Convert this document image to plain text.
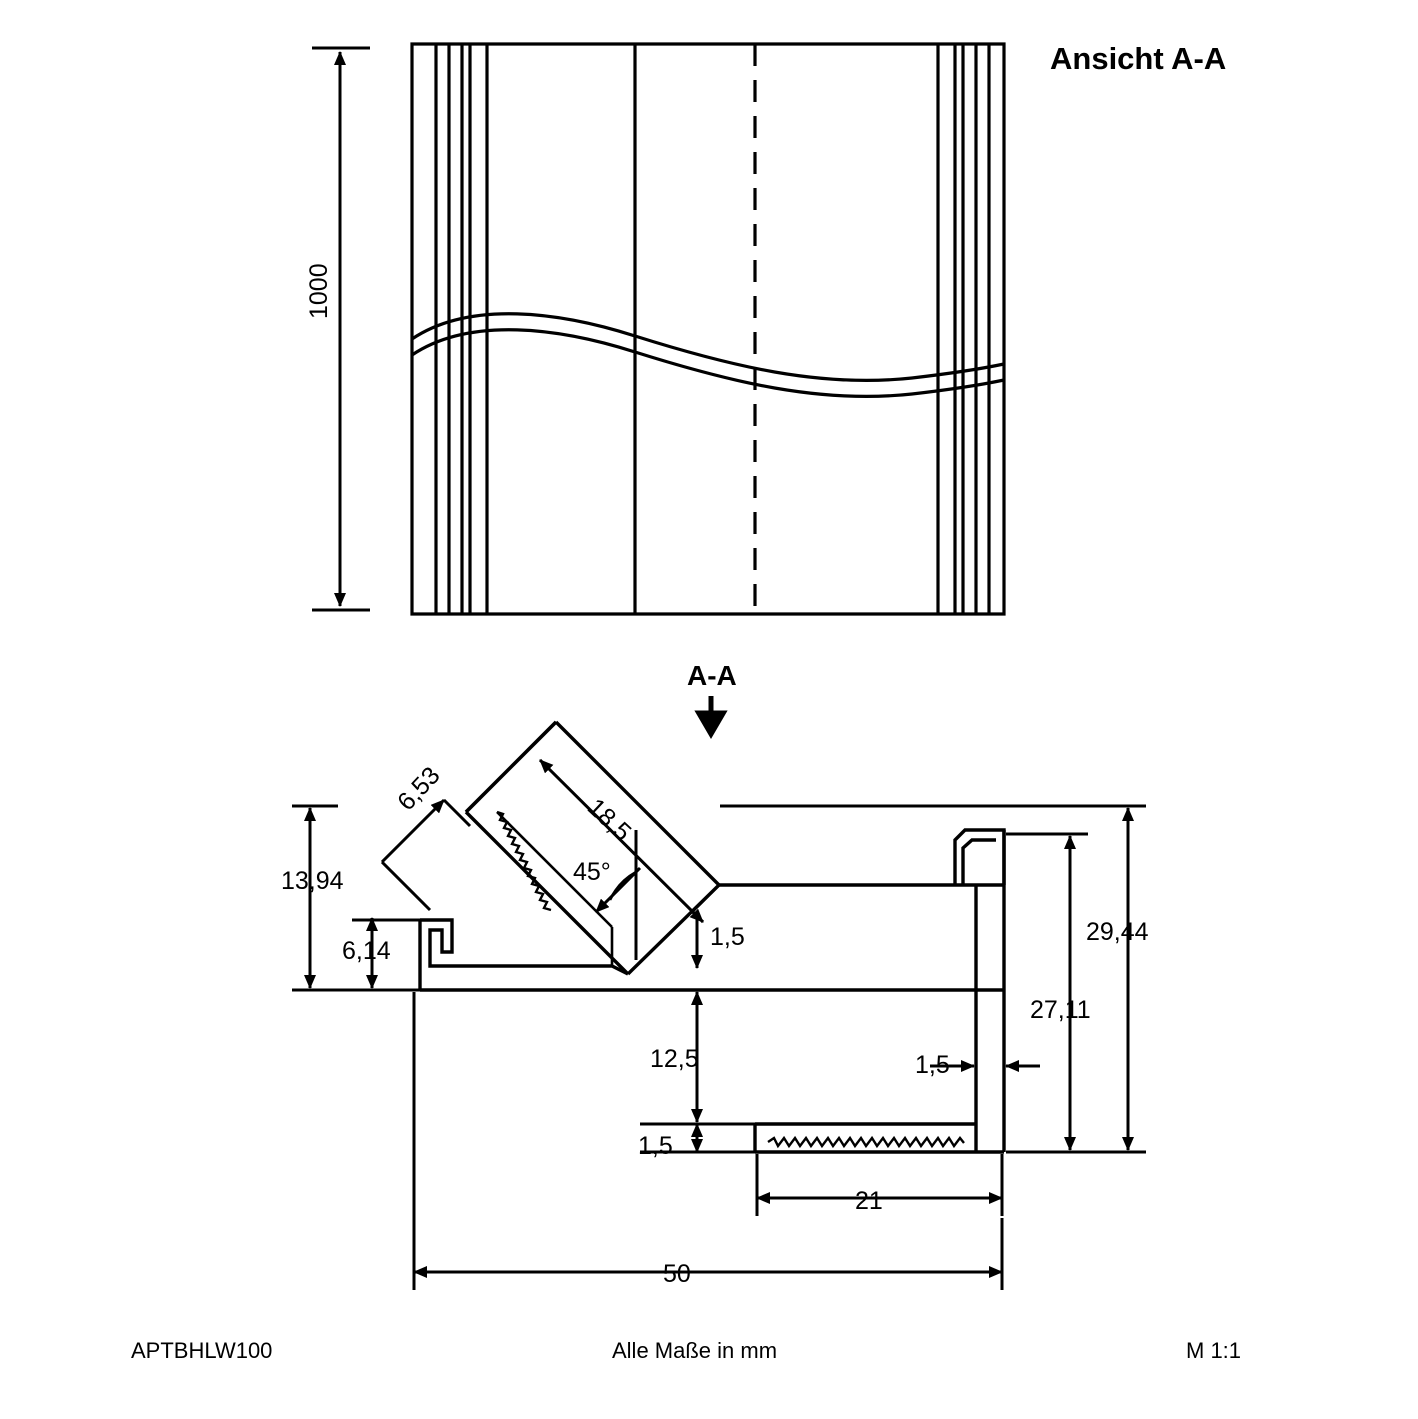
Ansicht A-A
1000
A-A
13,94
6,14
6,53
18,5
45°
1,5
12,5
1,5
1,5
29,44
27,11
21
50
APTBHLW100	Alle Maße in mm	M 1:1
